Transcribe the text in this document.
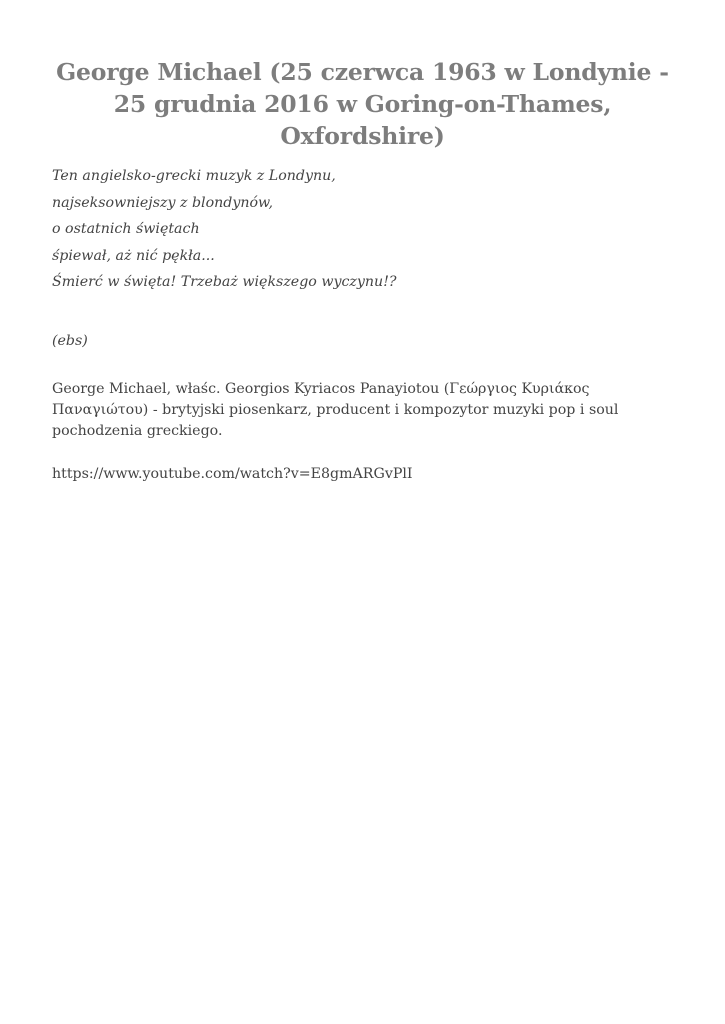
George Michael (25 czerwca 1963 w Londynie - 25 grudnia 2016 w Goring-on-Thames, Oxfordshire)
Ten angielsko-grecki muzyk z Londynu,
najseksowniejszy z blondynów,
o ostatnich świętach
śpiewał, aż nić pękła...
Śmierć w święta! Trzebaż większego wyczynu!?
(ebs)

George Michael, właśc. Georgios Kyriacos Panayiotou (Γεώργιος Κυριάκος Παναγιώτου) - brytyjski piosenkarz, producent i kompozytor muzyki pop i soul pochodzenia greckiego.

https://www.youtube.com/watch?v=E8gmARGvPlI
